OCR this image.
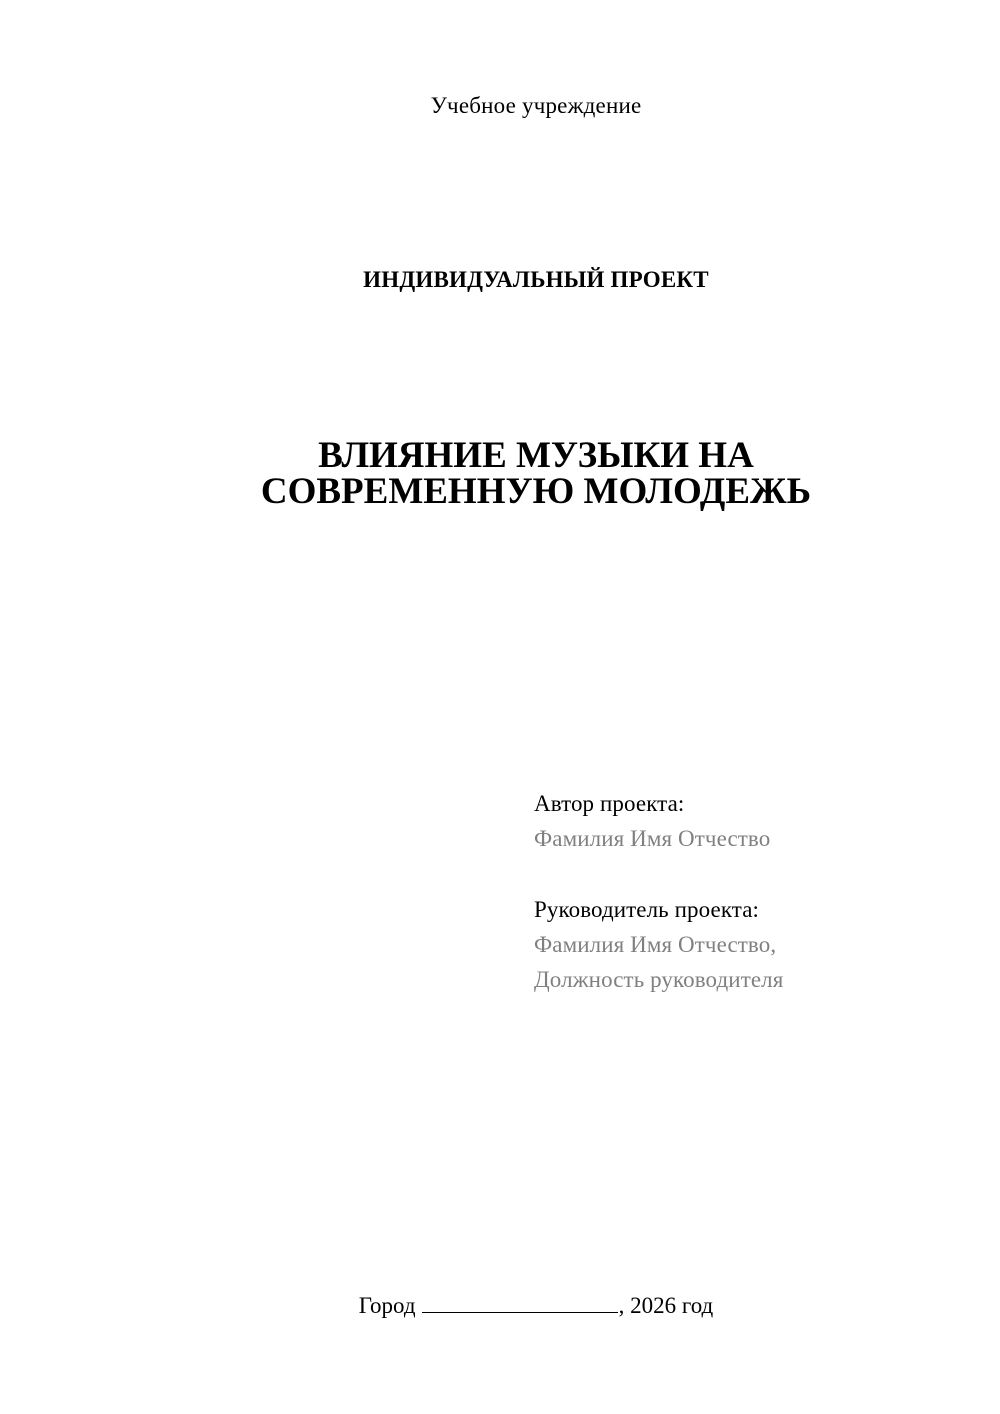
Учебное учреждение
ИНДИВИДУАЛЬНЫЙ ПРОЕКТ
ВЛИЯНИЕ МУЗЫКИ НА
СОВРЕМЕННУЮ МОЛОДЕЖЬ
Автор проекта:
Фамилия Имя Отчество
Руководитель проекта:
Фамилия Имя Отчество,
Должность руководителя
Город	, 2026 год
